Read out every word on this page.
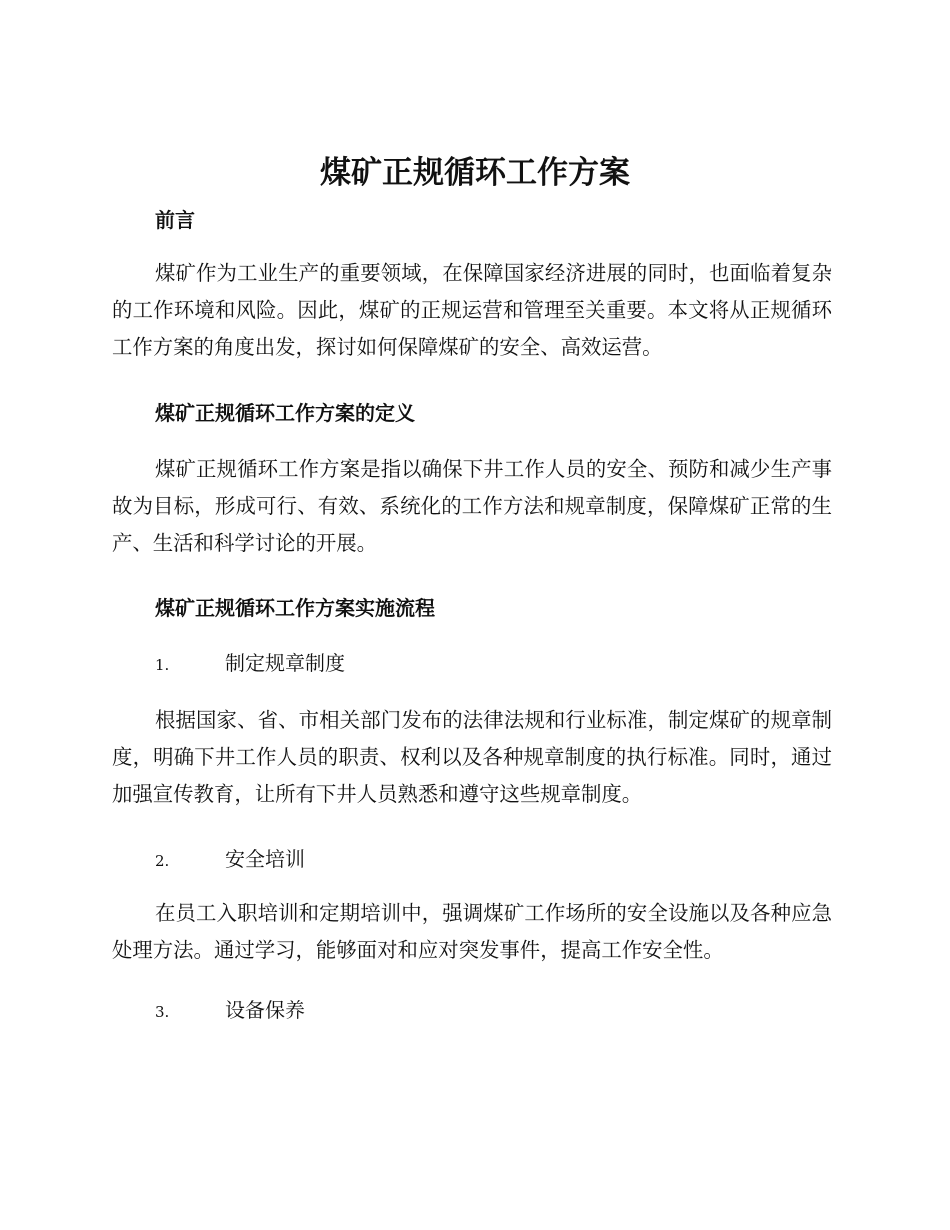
煤矿正规循环工作方案
前言

煤矿作为工业生产的重要领域，在保障国家经济进展的同时，也面临着复杂的工作环境和风险。因此，煤矿的正规运营和管理至关重要。本文将从正规循环工作方案的角度出发，探讨如何保障煤矿的安全、高效运营。

煤矿正规循环工作方案的定义

煤矿正规循环工作方案是指以确保下井工作人员的安全、预防和减少生产事故为目标，形成可行、有效、系统化的工作方法和规章制度，保障煤矿正常的生产、生活和科学讨论的开展。

煤矿正规循环工作方案实施流程
1.	制定规章制度

根据国家、省、市相关部门发布的法律法规和行业标准，制定煤矿的规章制度，明确下井工作人员的职责、权利以及各种规章制度的执行标准。同时，通过加强宣传教育，让所有下井人员熟悉和遵守这些规章制度。

2.	安全培训

在员工入职培训和定期培训中，强调煤矿工作场所的安全设施以及各种应急处理方法。通过学习，能够面对和应对突发事件，提高工作安全性。

3.	设备保养
